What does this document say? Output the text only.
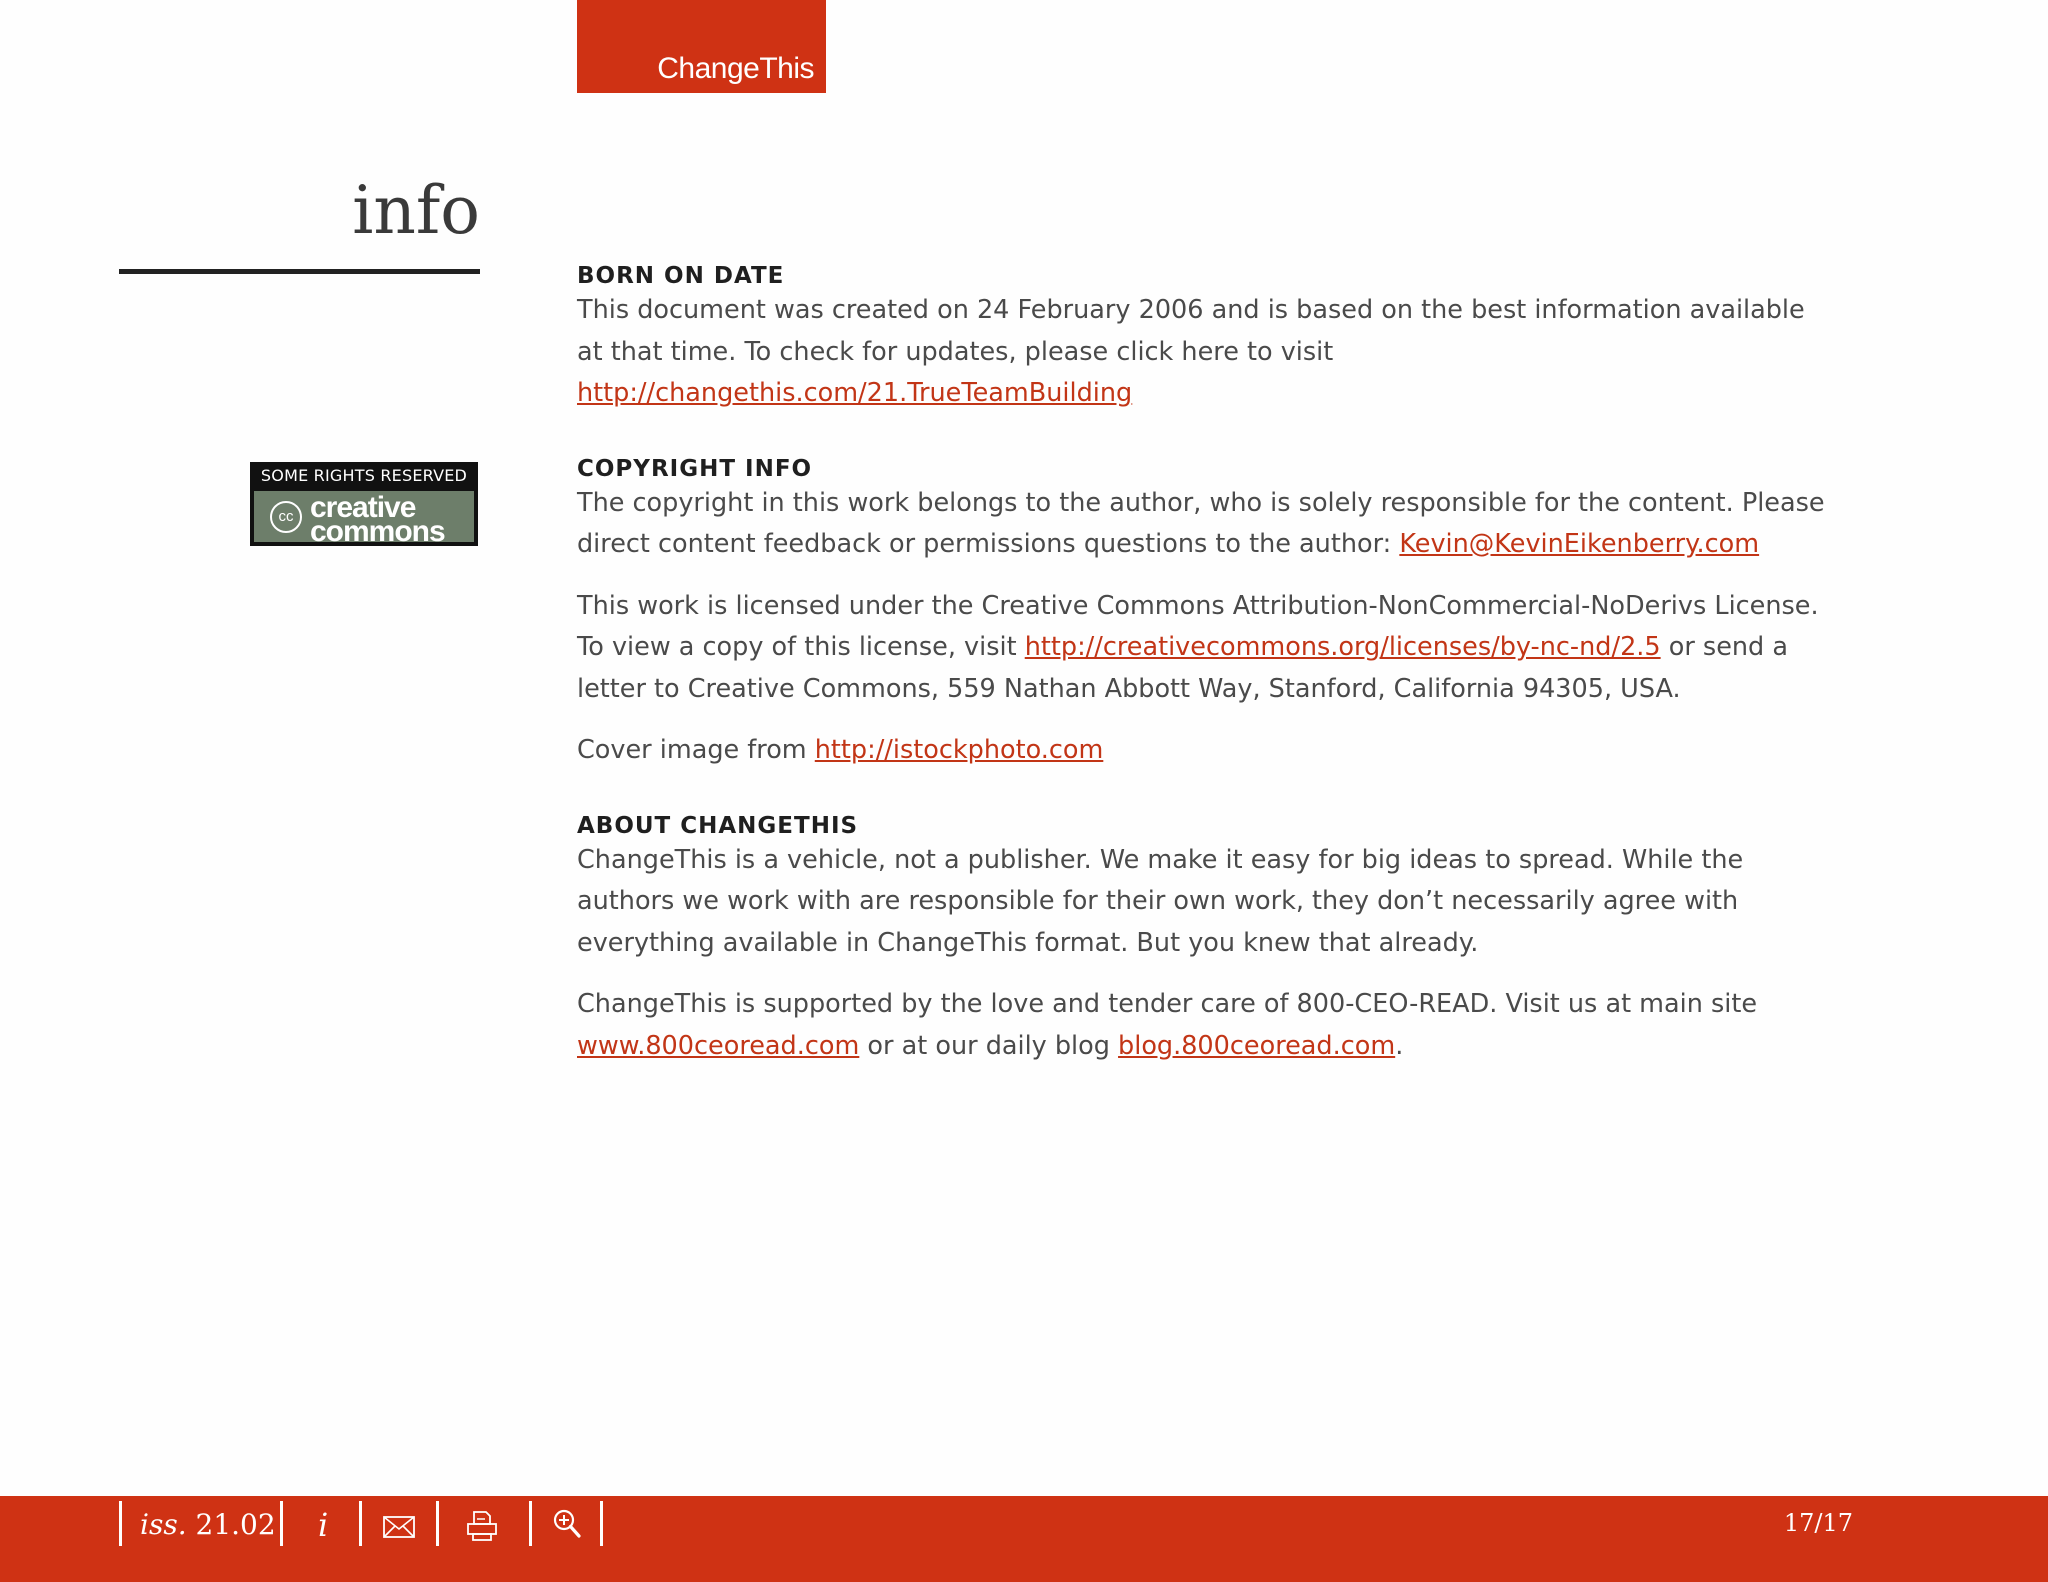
ChangeThis
info
SOME RIGHTS RESERVED
cc creative
commons
BORN ON DATE

This document was created on 24 February 2006 and is based on the best information available at that time. To check for updates, please click here to visit http://changethis.com/21.TrueTeamBuilding

COPYRIGHT INFO

The copyright in this work belongs to the author, who is solely responsible for the content. Please direct content feedback or permissions questions to the author: Kevin@KevinEikenberry.com

This work is licensed under the Creative Commons Attribution-NonCommercial-NoDerivs License. To view a copy of this license, visit http://creativecommons.org/licenses/by-nc-nd/2.5 or send a letter to Creative Commons, 559 Nathan Abbott Way, Stanford, California 94305, USA.

Cover image from http://istockphoto.com

ABOUT CHANGETHIS

ChangeThis is a vehicle, not a publisher. We make it easy for big ideas to spread. While the authors we work with are responsible for their own work, they don’t necessarily agree with everything available in ChangeThis format. But you knew that already.

ChangeThis is supported by the love and tender care of 800-CEO-READ. Visit us at main site www.800ceoread.com or at our daily blog blog.800ceoread.com.

iss. 21.02 i	17/17
